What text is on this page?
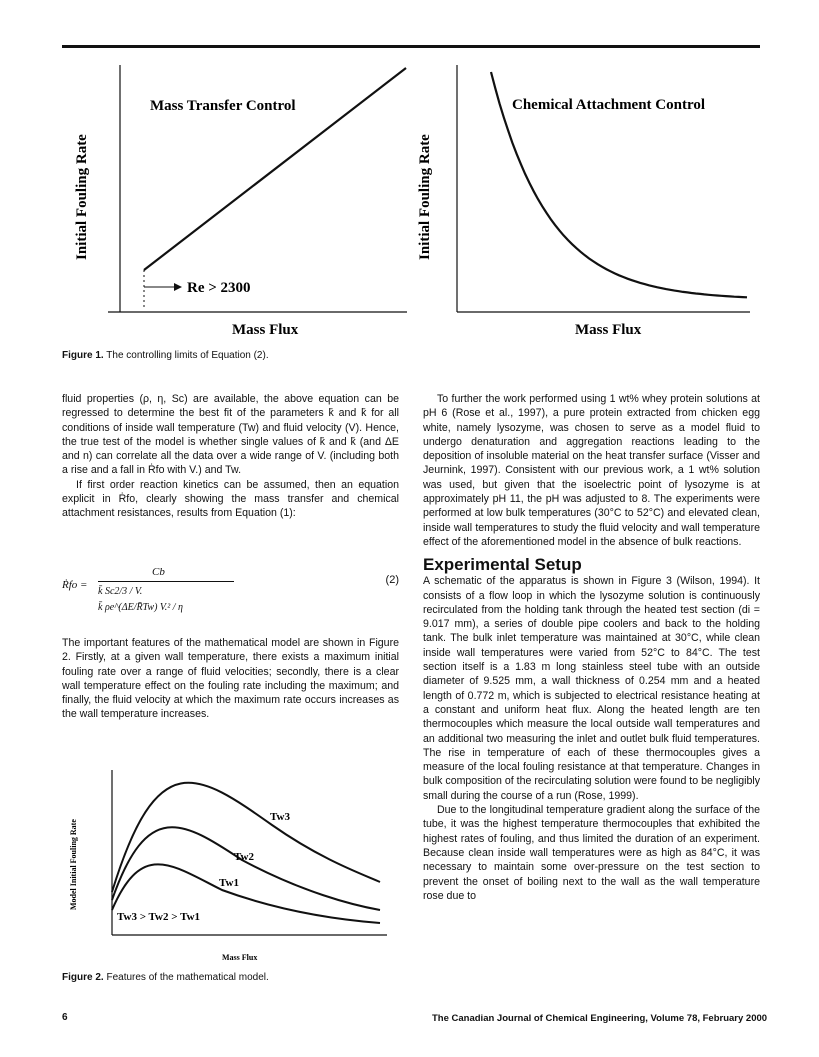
Mass Transfer Control
Re > 2300
Mass Flux
Initial Fouling Rate
Chemical Attachment Control
Mass Flux
Initial Fouling Rate
Figure 1. The controlling limits of Equation (2).

fluid properties (ρ, η, Sc) are available, the above equation can be regressed to determine the best fit of the parameters k̄ and k̄ for all conditions of inside wall temperature (Tw) and fluid velocity (V). Hence, the true test of the model is whether single values of k̄ and k̄ (and ΔE and n) can correlate all the data over a wide range of V. (including both a rise and a fall in Ṙfo with V.) and Tw.

If first order reaction kinetics can be assumed, then an equation explicit in Ṙfo, clearly showing the mass transfer and chemical attachment resistances, results from Equation (1):

Ṙfo =
Cb
k̄ Sc2/3 / V.
k̄ ρe^(ΔE/R̄Tw) V.² / η
(2)

The important features of the mathematical model are shown in Figure 2. Firstly, at a given wall temperature, there exists a maximum initial fouling rate over a range of fluid velocities; secondly, there is a clear wall temperature effect on the fouling rate including the maximum; and finally, the fluid velocity at which the maximum rate occurs increases as the wall temperature increases.

Tw3
Tw2
Tw1
Tw3 > Tw2 > Tw1
Mass Flux
Model Initial Fouling Rate
Figure 2. Features of the mathematical model.

To further the work performed using 1 wt% whey protein solutions at pH 6 (Rose et al., 1997), a pure protein extracted from chicken egg white, namely lysozyme, was chosen to serve as a model fluid to undergo denaturation and aggregation reactions leading to the deposition of insoluble material on the heat transfer surface (Visser and Jeurnink, 1997). Consistent with our previous work, a 1 wt% solution was used, but given that the isoelectric point of lysozyme is at approximately pH 11, the pH was adjusted to 8. The experiments were performed at low bulk temperatures (30°C to 52°C) and elevated clean, inside wall temperatures to study the fluid velocity and wall temperature effect of the aforementioned model in the absence of bulk reactions.

Experimental Setup

A schematic of the apparatus is shown in Figure 3 (Wilson, 1994). It consists of a flow loop in which the lysozyme solution is continuously recirculated from the holding tank through the heated test section (di = 9.017 mm), a series of double pipe coolers and back to the holding tank. The bulk inlet temperature was maintained at 30°C, while clean inside wall temperatures were varied from 52°C to 84°C. The test section itself is a 1.83 m long stainless steel tube with an outside diameter of 9.525 mm, a wall thickness of 0.254 mm and a heated length of 0.772 m, which is subjected to electrical resistance heating at a constant and uniform heat flux. Along the heated length are ten thermocouples which measure the local outside wall temperatures and an additional two measuring the inlet and outlet bulk fluid temperatures. The rise in temperature of each of these thermocouples gives a measure of the local fouling resistance at that temperature. Changes in bulk composition of the recirculating solution were found to be negligibly small during the course of a run (Rose, 1999).

Due to the longitudinal temperature gradient along the surface of the tube, it was the highest temperature thermocouples that exhibited the highest rates of fouling, and thus limited the duration of an experiment. Because clean inside wall temperatures were as high as 84°C, it was necessary to maintain some over-pressure on the test section to prevent the onset of boiling next to the wall as the wall temperature rose due to

6	The Canadian Journal of Chemical Engineering, Volume 78, February 2000
